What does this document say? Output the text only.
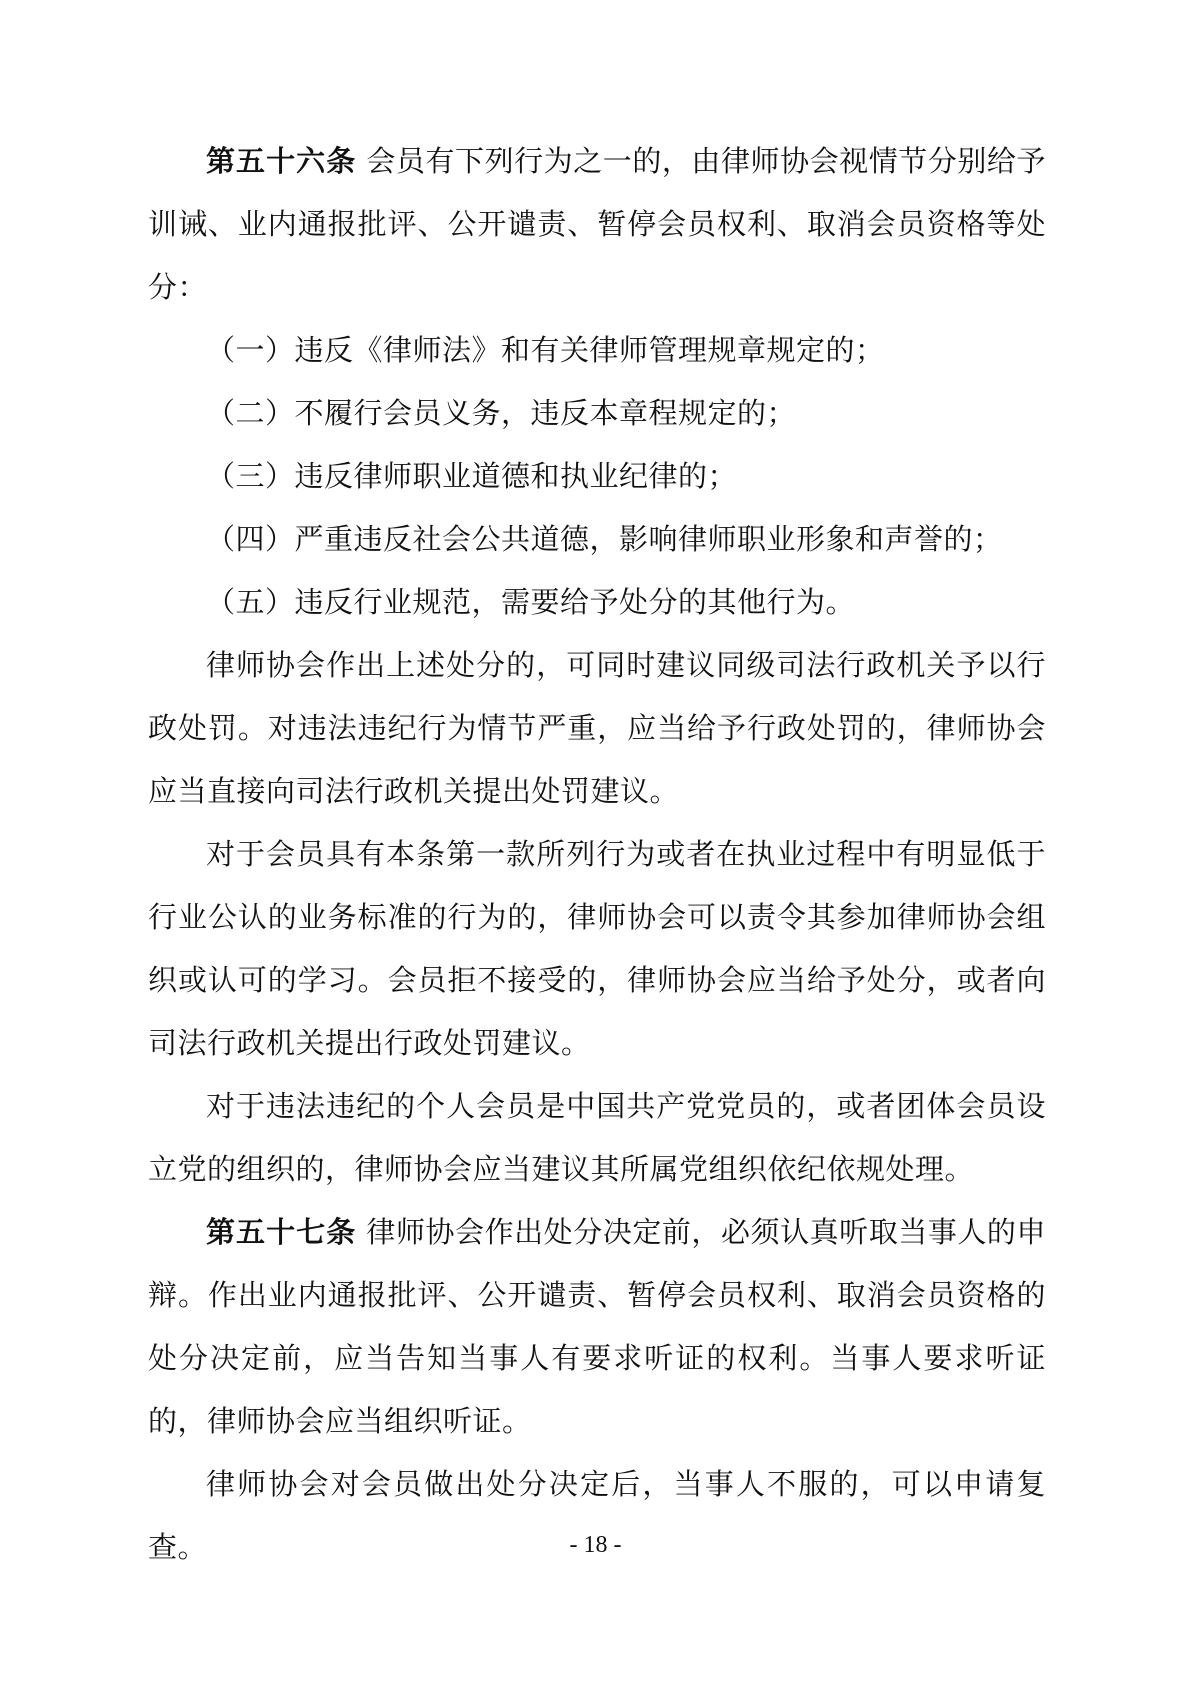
第五十六条 会员有下列行为之一的，由律师协会视情节分别给予训诫、业内通报批评、公开谴责、暂停会员权利、取消会员资格等处分：

（一）违反《律师法》和有关律师管理规章规定的；

（二）不履行会员义务，违反本章程规定的；

（三）违反律师职业道德和执业纪律的；

（四）严重违反社会公共道德，影响律师职业形象和声誉的；

（五）违反行业规范，需要给予处分的其他行为。

律师协会作出上述处分的，可同时建议同级司法行政机关予以行政处罚。对违法违纪行为情节严重，应当给予行政处罚的，律师协会应当直接向司法行政机关提出处罚建议。

对于会员具有本条第一款所列行为或者在执业过程中有明显低于行业公认的业务标准的行为的，律师协会可以责令其参加律师协会组织或认可的学习。会员拒不接受的，律师协会应当给予处分，或者向司法行政机关提出行政处罚建议。

对于违法违纪的个人会员是中国共产党党员的，或者团体会员设立党的组织的，律师协会应当建议其所属党组织依纪依规处理。

第五十七条 律师协会作出处分决定前，必须认真听取当事人的申辩。作出业内通报批评、公开谴责、暂停会员权利、取消会员资格的处分决定前，应当告知当事人有要求听证的权利。当事人要求听证的，律师协会应当组织听证。

律师协会对会员做出处分决定后，当事人不服的，可以申请复查。	- 18 -
